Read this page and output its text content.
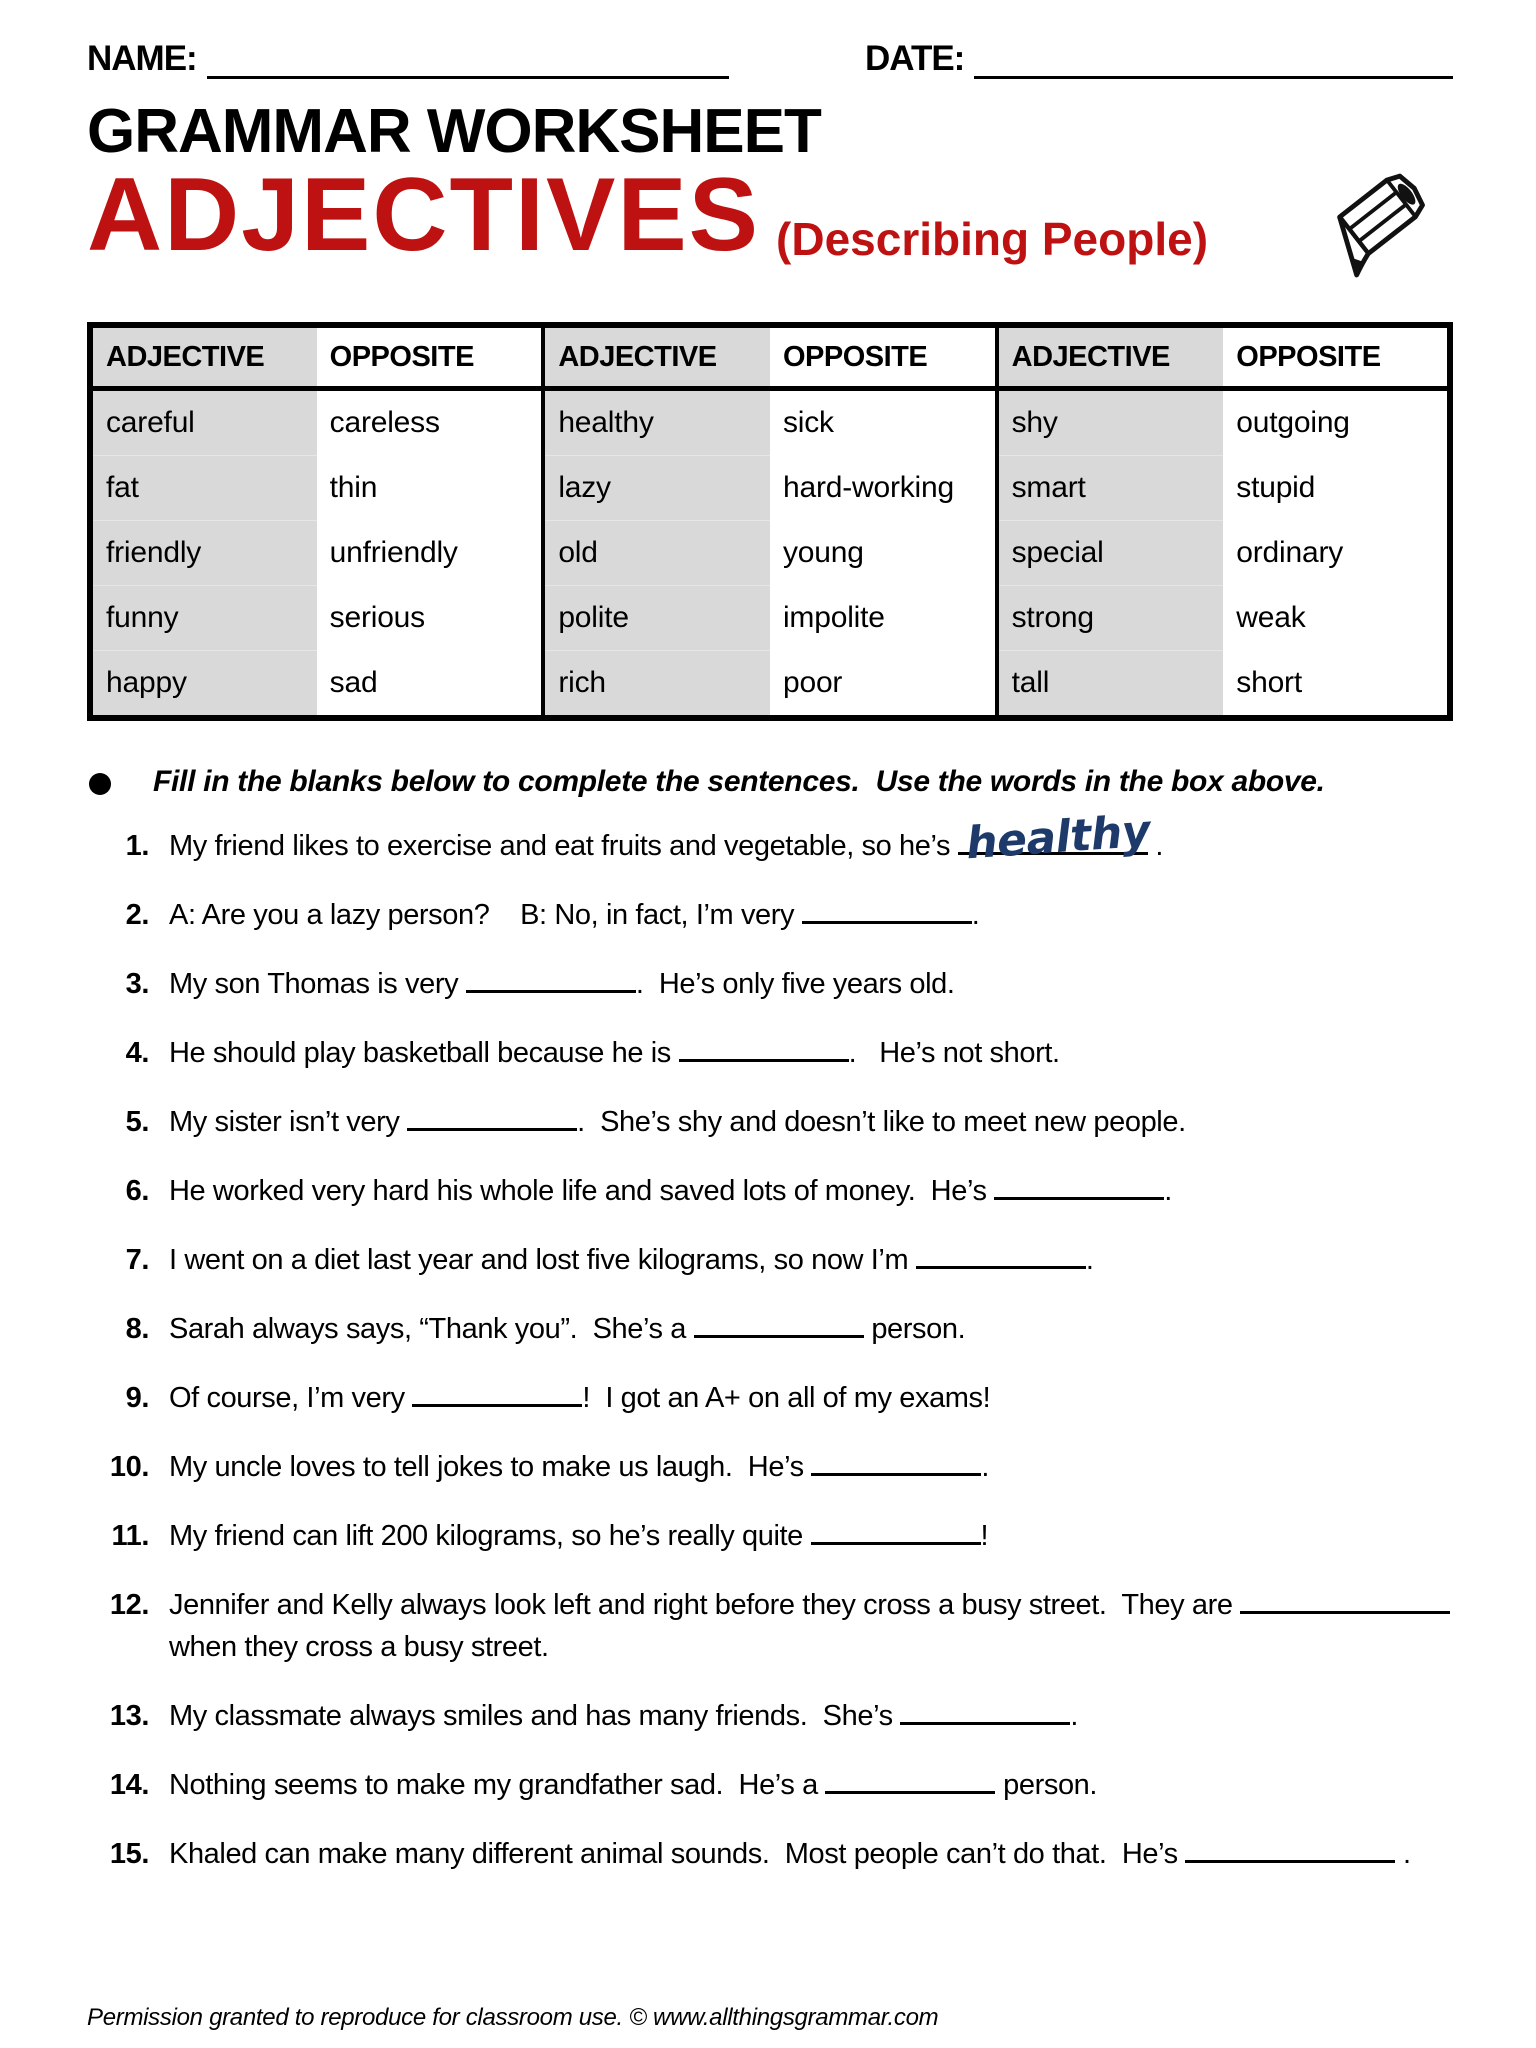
NAME:	DATE:
GRAMMAR WORKSHEET
ADJECTIVES (Describing People)
ADJECTIVE	OPPOSITE	ADJECTIVE	OPPOSITE	ADJECTIVE	OPPOSITE
careful	careless	healthy	sick	shy	outgoing
fat	thin	lazy	hard-working	smart	stupid
friendly	unfriendly	old	young	special	ordinary
funny	serious	polite	impolite	strong	weak
happy	sad	rich	poor	tall	short
Fill in the blanks below to complete the sentences.  Use the words in the box above.
1. My friend likes to exercise and eat fruits and vegetable, so he’s healthy
.
2. A: Are you a lazy person?    B: No, in fact, I’m very	.
3. My son Thomas is very	.  He’s only five years old.
4. He should play basketball because he is	.   He’s not short.
5. My sister isn’t very	.  She’s shy and doesn’t like to meet new people.
6. He worked very hard his whole life and saved lots of money.  He’s	.
7. I went on a diet last year and lost five kilograms, so now I’m	.
8. Sarah always says, “Thank you”.  She’s a	person.
9. Of course, I’m very	!  I got an A+ on all of my exams!
10. My uncle loves to tell jokes to make us laugh.  He’s	.
11. My friend can lift 200 kilograms, so he’s really quite	!
12. Jennifer and Kelly always look left and right before they cross a busy street.  They are	when they cross a busy street.
13. My classmate always smiles and has many friends.  She’s	.
14. Nothing seems to make my grandfather sad.  He’s a	person.
15. Khaled can make many different animal sounds.  Most people can’t do that.  He’s	.
Permission granted to reproduce for classroom use. © www.allthingsgrammar.com
